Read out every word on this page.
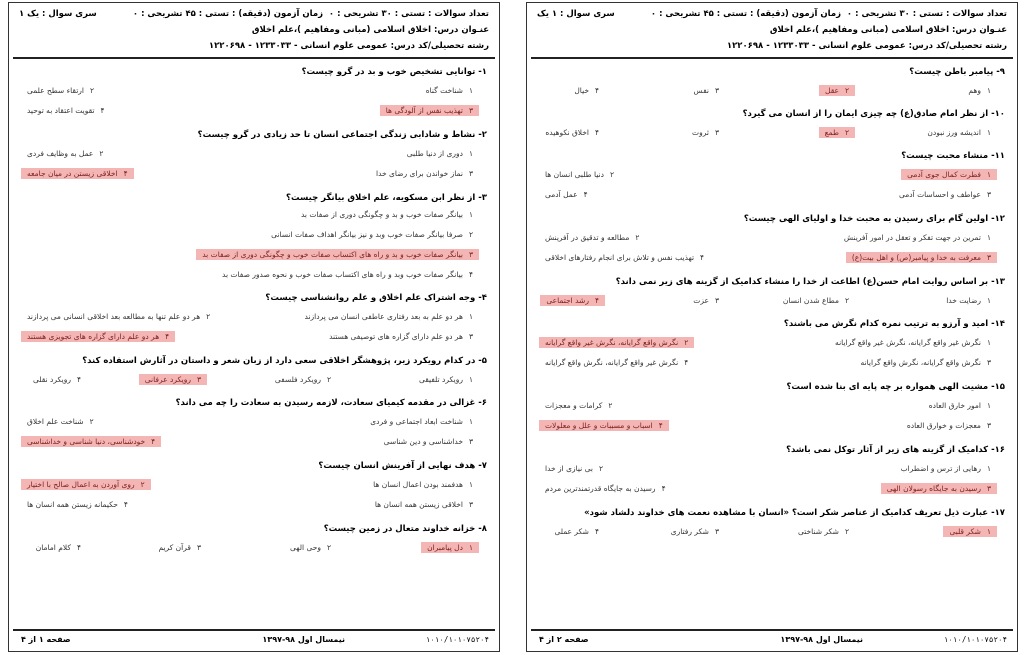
تعداد سوالات : تستی : ۳۰ تشریحی : ۰
زمان آزمون (دقیقه) : تستی : ۴۵ تشریحی : ۰
سری سوال : یک ۱
عنـوان درس: اخلاق اسلامی (مبانی ومفاهیم )،علم اخلاق
رشته تحصیلی/کد درس: عمومی علوم انسانی - ۱۲۳۳۰۳۳ - ۱۲۲۰۶۹۸
۱- توانایی تشخیص خوب و بد در گرو چیست؟
۱شناخت گناه
۲ارتقاء سطح علمی
۳تهذیب نفس از آلودگی ها
۴تقویت اعتقاد به توحید
۲- نشاط و شادابی زندگی اجتماعی انسان تا حد زیادی در گرو چیست؟
۱دوری از دنیا طلبی
۲عمل به وظایف فردی
۳نماز خواندن برای رضای خدا
۴اخلاقی زیستن در میان جامعه
۳- از نظر ابن مسکویه، علم اخلاق بیانگر چیست؟
۱بیانگر صفات خوب و بد و چگونگی دوری از صفات بد
۲صرفا بیانگر صفات خوب وبد و نیز بیانگر اهداف صفات انسانی
۳بیانگر صفات خوب و بد و راه های اکتساب صفات خوب و چگونگی دوری از صفات بد
۴بیانگر صفات خوب وبد و راه های اکتساب صفات خوب و نحوه صدور صفات بد
۴- وجه اشتراک علم اخلاق و علم روانشناسی چیست؟
۱هر دو علم به بعد رفتاری عاطفی انسان می پردازند
۲هر دو علم تنها به مطالعه بعد اخلاقی انسانی می پردازند
۳هر دو علم دارای گزاره های توصیفی هستند
۴هر دو علم دارای گزاره های تجویزی هستند
۵- در کدام رویکرد زیر، پژوهشگر اخلاقی سعی دارد از زبان شعر و داستان در آثارش استفاده کند؟
۱رویکرد تلفیقی
۲رویکرد فلسفی
۳رویکرد عرفانی
۴رویکرد نقلی
۶- غزالی در مقدمه کیمیای سعادت، لازمه رسیدن به سعادت را چه می داند؟
۱شناخت ابعاد اجتماعی و فردی
۲شناخت علم اخلاق
۳خداشناسی و دین شناسی
۴خودشناسی، دنیا شناسی و خداشناسی
۷- هدف نهایی از آفرینش انسان چیست؟
۱هدفمند بودن اعمال انسان ها
۲روی آوردن به اعمال صالح با اختیار
۳اخلاقی زیستن همه انسان ها
۴حکیمانه زیستن همه انسان ها
۸- خزانه خداوند متعال در زمین چیست؟
۱دل پیامبران
۲وحی الهی
۳قرآن کریم
۴کلام امامان
۱۰۱۰/۱۰۱۰۷۵۲۰۴
نیمسال اول ۹۸-۱۳۹۷
صفحه ۱ از ۴
تعداد سوالات : تستی : ۳۰ تشریحی : ۰
زمان آزمون (دقیقه) : تستی : ۴۵ تشریحی : ۰
سری سوال : ۱ یک
عنـوان درس: اخلاق اسلامی (مبانی ومفاهیم )،علم اخلاق
رشته تحصیلی/کد درس: عمومی علوم انسانی - ۱۲۳۳۰۳۳ - ۱۲۲۰۶۹۸
۹- پیامبر باطن چیست؟
۱وهم
۲عقل
۳نفس
۴خیال
۱۰- از نظر امام صادق(ع) چه چیزی ایمان را از انسان می گیرد؟
۱اندیشه ورز نبودن
۲طمع
۳ثروت
۴اخلاق نکوهیده
۱۱- منشاء محبت چیست؟
۱فطرت کمال جوی آدمی
۲دنیا طلبی انسان ها
۳عواطف و احساسات آدمی
۴عمل آدمی
۱۲- اولین گام برای رسیدن به محبت خدا و اولیای الهی چیست؟
۱تمرین در جهت تفکر و تعقل در امور آفرینش
۲مطالعه و تدقیق در آفرینش
۳معرفت به خدا و پیامبر(ص) و اهل بیت(ع)
۴تهذیب نفس و تلاش برای انجام رفتارهای اخلاقی
۱۳- بر اساس روایت امام حسن(ع) اطاعت از خدا را منشاء کدامیک از گزینه های زیر نمی داند؟
۱رضایت خدا
۲مطاع شدن انسان
۳عزت
۴رشد اجتماعی
۱۴- امید و آرزو به ترتیب نمره کدام نگرش می باشند؟
۱نگرش غیر واقع گرایانه، نگرش غیر واقع گرایانه
۲نگرش واقع گرایانه، نگرش غیر واقع گرایانه
۳نگرش واقع گرایانه، نگرش واقع گرایانه
۴نگرش غیر واقع گرایانه، نگرش واقع گرایانه
۱۵- مشیت الهی همواره بر چه پایه ای بنا شده است؟
۱امور خارق العاده
۲کرامات و معجزات
۳معجزات و خوارق العاده
۴اسباب و مسببات و علل و معلولات
۱۶- کدامیک از گزینه های زیر از آثار توکل نمی باشد؟
۱رهایی از ترس و اضطراب
۲بی نیازی از خدا
۳رسیدن به جایگاه رسولان الهی
۴رسیدن به جایگاه قدرتمندترین مردم
۱۷- عبارت ذیل تعریف کدامیک از عناصر شکر است؟ «انسان با مشاهده نعمت های خداوند دلشاد شود»
۱شکر قلبی
۲شکر شناختی
۳شکر رفتاری
۴شکر عملی
۱۰۱۰/۱۰۱۰۷۵۲۰۴
نیمسال اول ۹۸-۱۳۹۷
صفحه ۲ از ۴
